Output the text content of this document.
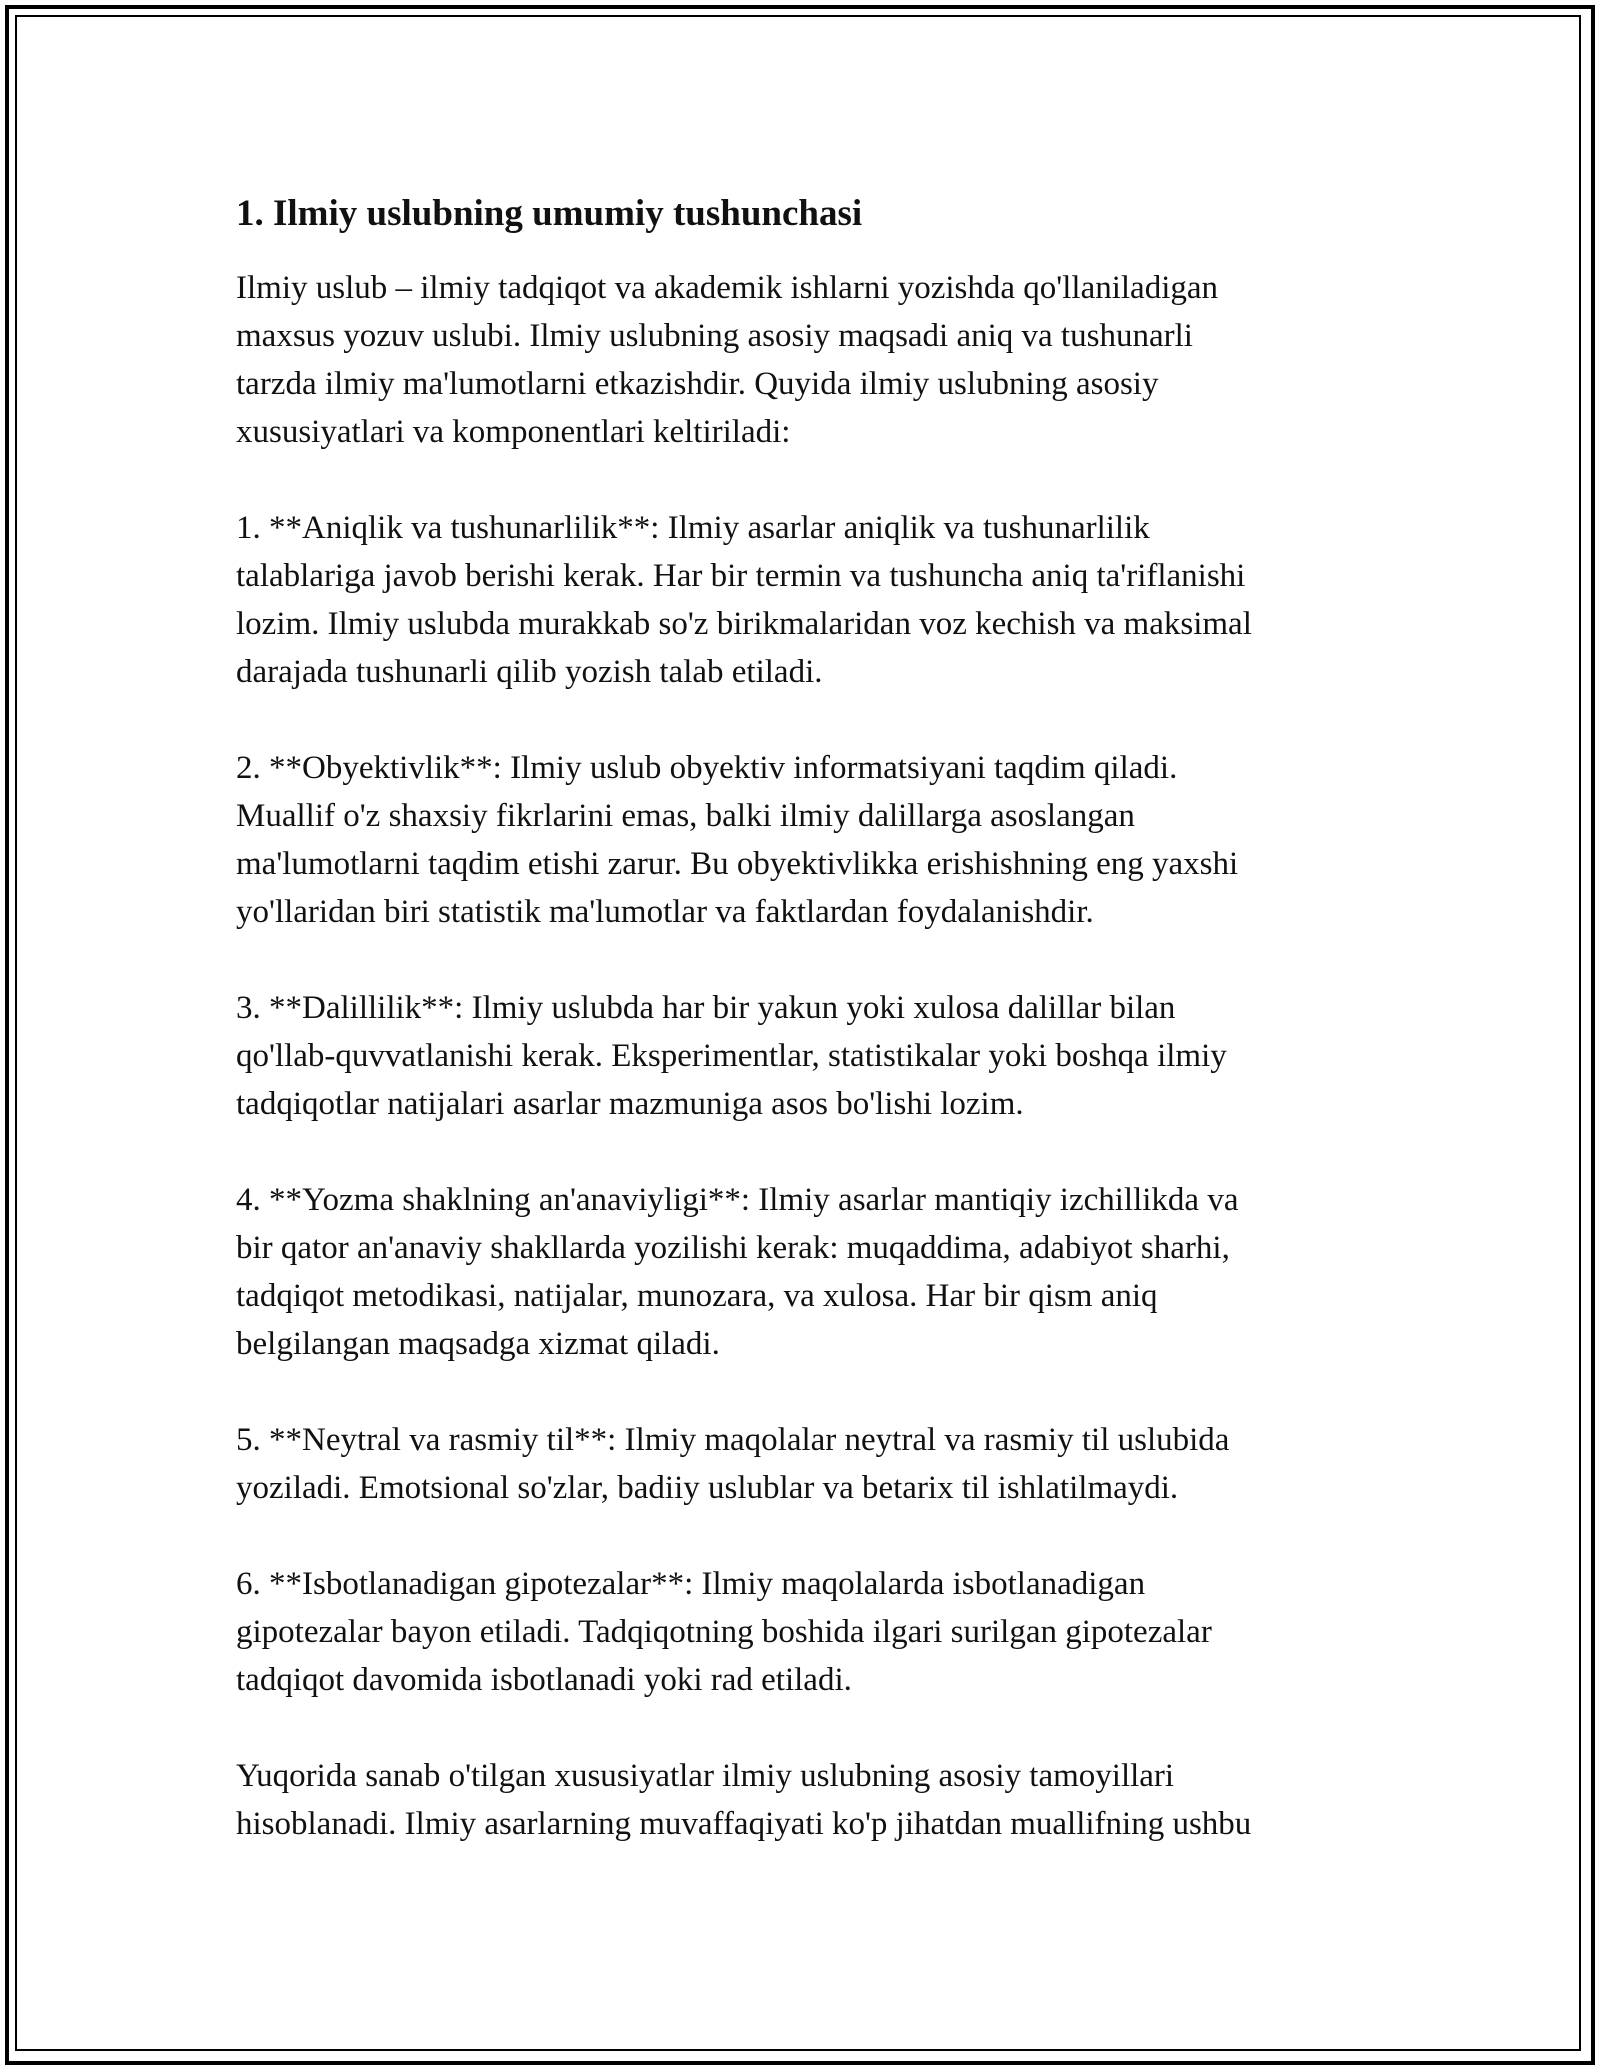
1. Ilmiy uslubning umumiy tushunchasi

Ilmiy uslub – ilmiy tadqiqot va akademik ishlarni yozishda qo'llaniladigan
maxsus yozuv uslubi. Ilmiy uslubning asosiy maqsadi aniq va tushunarli
tarzda ilmiy ma'lumotlarni etkazishdir. Quyida ilmiy uslubning asosiy
xususiyatlari va komponentlari keltiriladi:

1. **Aniqlik va tushunarlilik**: Ilmiy asarlar aniqlik va tushunarlilik
talablariga javob berishi kerak. Har bir termin va tushuncha aniq ta'riflanishi
lozim. Ilmiy uslubda murakkab so'z birikmalaridan voz kechish va maksimal
darajada tushunarli qilib yozish talab etiladi.

2. **Obyektivlik**: Ilmiy uslub obyektiv informatsiyani taqdim qiladi.
Muallif o'z shaxsiy fikrlarini emas, balki ilmiy dalillarga asoslangan
ma'lumotlarni taqdim etishi zarur. Bu obyektivlikka erishishning eng yaxshi
yo'llaridan biri statistik ma'lumotlar va faktlardan foydalanishdir.

3. **Dalillilik**: Ilmiy uslubda har bir yakun yoki xulosa dalillar bilan
qo'llab-quvvatlanishi kerak. Eksperimentlar, statistikalar yoki boshqa ilmiy
tadqiqotlar natijalari asarlar mazmuniga asos bo'lishi lozim.

4. **Yozma shaklning an'anaviyligi**: Ilmiy asarlar mantiqiy izchillikda va
bir qator an'anaviy shakllarda yozilishi kerak: muqaddima, adabiyot sharhi,
tadqiqot metodikasi, natijalar, munozara, va xulosa. Har bir qism aniq
belgilangan maqsadga xizmat qiladi.

5. **Neytral va rasmiy til**: Ilmiy maqolalar neytral va rasmiy til uslubida
yoziladi. Emotsional so'zlar, badiiy uslublar va betarix til ishlatilmaydi.

6. **Isbotlanadigan gipotezalar**: Ilmiy maqolalarda isbotlanadigan
gipotezalar bayon etiladi. Tadqiqotning boshida ilgari surilgan gipotezalar
tadqiqot davomida isbotlanadi yoki rad etiladi.

Yuqorida sanab o'tilgan xususiyatlar ilmiy uslubning asosiy tamoyillari
hisoblanadi. Ilmiy asarlarning muvaffaqiyati ko'p jihatdan muallifning ushbu
